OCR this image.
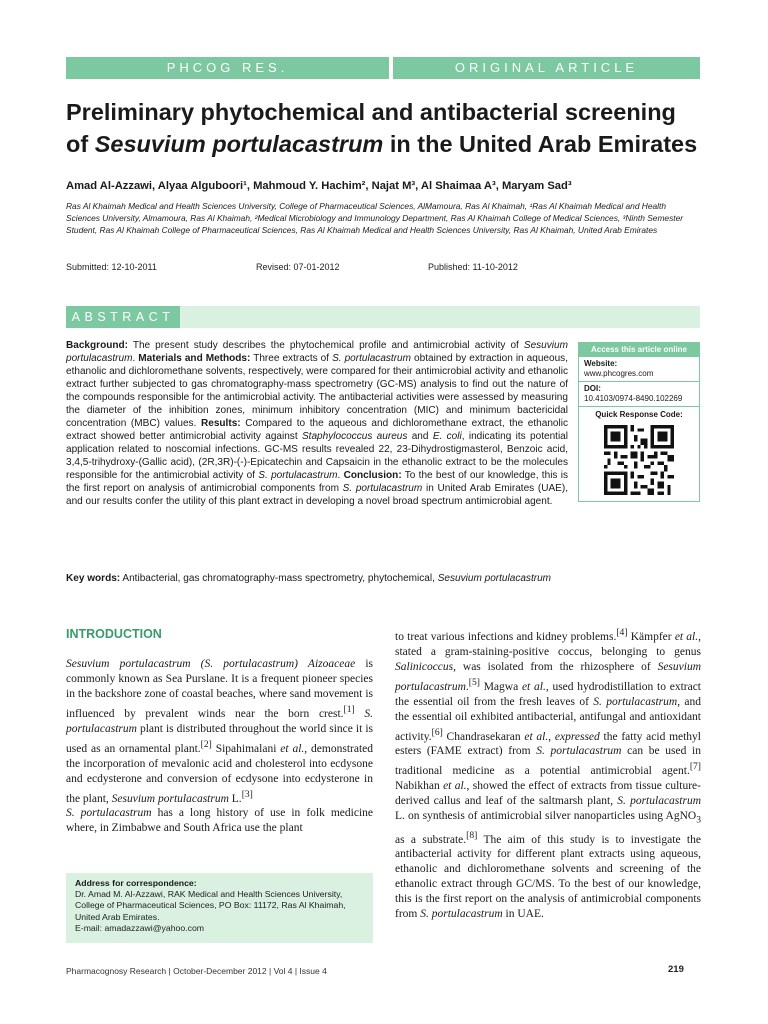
PHCOG RES.	ORIGINAL ARTICLE
Preliminary phytochemical and antibacterial screening
of Sesuvium portulacastrum in the United Arab Emirates
Amad Al-Azzawi, Alyaa Alguboori¹, Mahmoud Y. Hachim², Najat M³, Al Shaimaa A³, Maryam Sad³
Ras Al Khaimah Medical and Health Sciences University, College of Pharmaceutical Sciences, AlMamoura, Ras Al Khaimah, ¹Ras Al Khaimah Medical and Health Sciences University, Almamoura, Ras Al Khaimah, ²Medical Microbiology and Immunology Department, Ras Al Khaimah College of Medical Sciences, ³Ninth Semester Student, Ras Al Khaimah College of Pharmaceutical Sciences, Ras Al Khaimah Medical and Health Sciences University, Ras Al Khaimah, United Arab Emirates
Submitted: 12-10-2011	Revised: 07-01-2012	Published: 11-10-2012
ABSTRACT
Background: The present study describes the phytochemical profile and antimicrobial activity of Sesuvium portulacastrum. Materials and Methods: Three extracts of S. portulacastrum obtained by extraction in aqueous, ethanolic and dichloromethane solvents, respectively, were compared for their antimicrobial activity and ethanolic extract further subjected to gas chromatography-mass spectrometry (GC-MS) analysis to find out the nature of the compounds responsible for the antimicrobial activity. The antibacterial activities were assessed by measuring the diameter of the inhibition zones, minimum inhibitory concentration (MIC) and minimum bactericidal concentration (MBC) values. Results: Compared to the aqueous and dichloromethane extract, the ethanolic extract showed better antimicrobial activity against Staphylococcus aureus and E. coli, indicating its potential application related to noscomial infections. GC-MS results revealed 22, 23-Dihydrostigmasterol, Benzoic acid, 3,4,5-trihydroxy-(Gallic acid), (2R,3R)-(-)-Epicatechin and Capsaicin in the ethanolic extract to be the molecules responsible for the antimicrobial activity of S. portulacastrum. Conclusion: To the best of our knowledge, this is the first report on analysis of antimicrobial components from S. portulacastrum in United Arab Emirates (UAE), and our results confer the utility of this plant extract in developing a novel broad spectrum antimicrobial agent.
Key words: Antibacterial, gas chromatography-mass spectrometry, phytochemical, Sesuvium portulacastrum
Access this article online
Website:
www.phcogres.com
DOI:
10.4103/0974-8490.102269
Quick Response Code:
INTRODUCTION
Sesuvium portulacastrum (S. portulacastrum) Aizoaceae is commonly known as Sea Purslane. It is a frequent pioneer species in the backshore zone of coastal beaches, where sand movement is influenced by prevalent winds near the born crest.[1] S. portulacastrum plant is distributed throughout the world since it is used as an ornamental plant.[2] Sipahimalani et al., demonstrated the incorporation of mevalonic acid and cholesterol into ecdysone and ecdysterone and conversion of ecdysone into ecdysterone in the plant, Sesuvium portulacastrum L.[3]
S. portulacastrum has a long history of use in folk medicine where, in Zimbabwe and South Africa use the plant
to treat various infections and kidney problems.[4] Kämpfer et al., stated a gram-staining-positive coccus, belonging to genus Salinicoccus, was isolated from the rhizosphere of Sesuvium portulacastrum.[5] Magwa et al., used hydrodistillation to extract the essential oil from the fresh leaves of S. portulacastrum, and the essential oil exhibited antibacterial, antifungal and antioxidant activity.[6] Chandrasekaran et al., expressed the fatty acid methyl esters (FAME extract) from S. portulacastrum can be used in traditional medicine as a potential antimicrobial agent.[7] Nabikhan et al., showed the effect of extracts from tissue culture-derived callus and leaf of the saltmarsh plant, S. portulacastrum L. on synthesis of antimicrobial silver nanoparticles using AgNO$_3$ as a substrate.[8] The aim of this study is to investigate the antibacterial activity for different plant extracts using aqueous, ethanolic and dichloromethane solvents and screening of the ethanolic extract through GC/MS. To the best of our knowledge, this is the first report on the analysis of antimicrobial components from S. portulacastrum in UAE.
Address for correspondence:
Dr. Amad M. Al-Azzawi, RAK Medical and Health Sciences University, College of Pharmaceutical Sciences, PO Box: 11172, Ras Al Khaimah, United Arab Emirates.
E-mail: amadazzawi@yahoo.com
Pharmacognosy Research | October-December 2012 | Vol 4 | Issue 4	219
